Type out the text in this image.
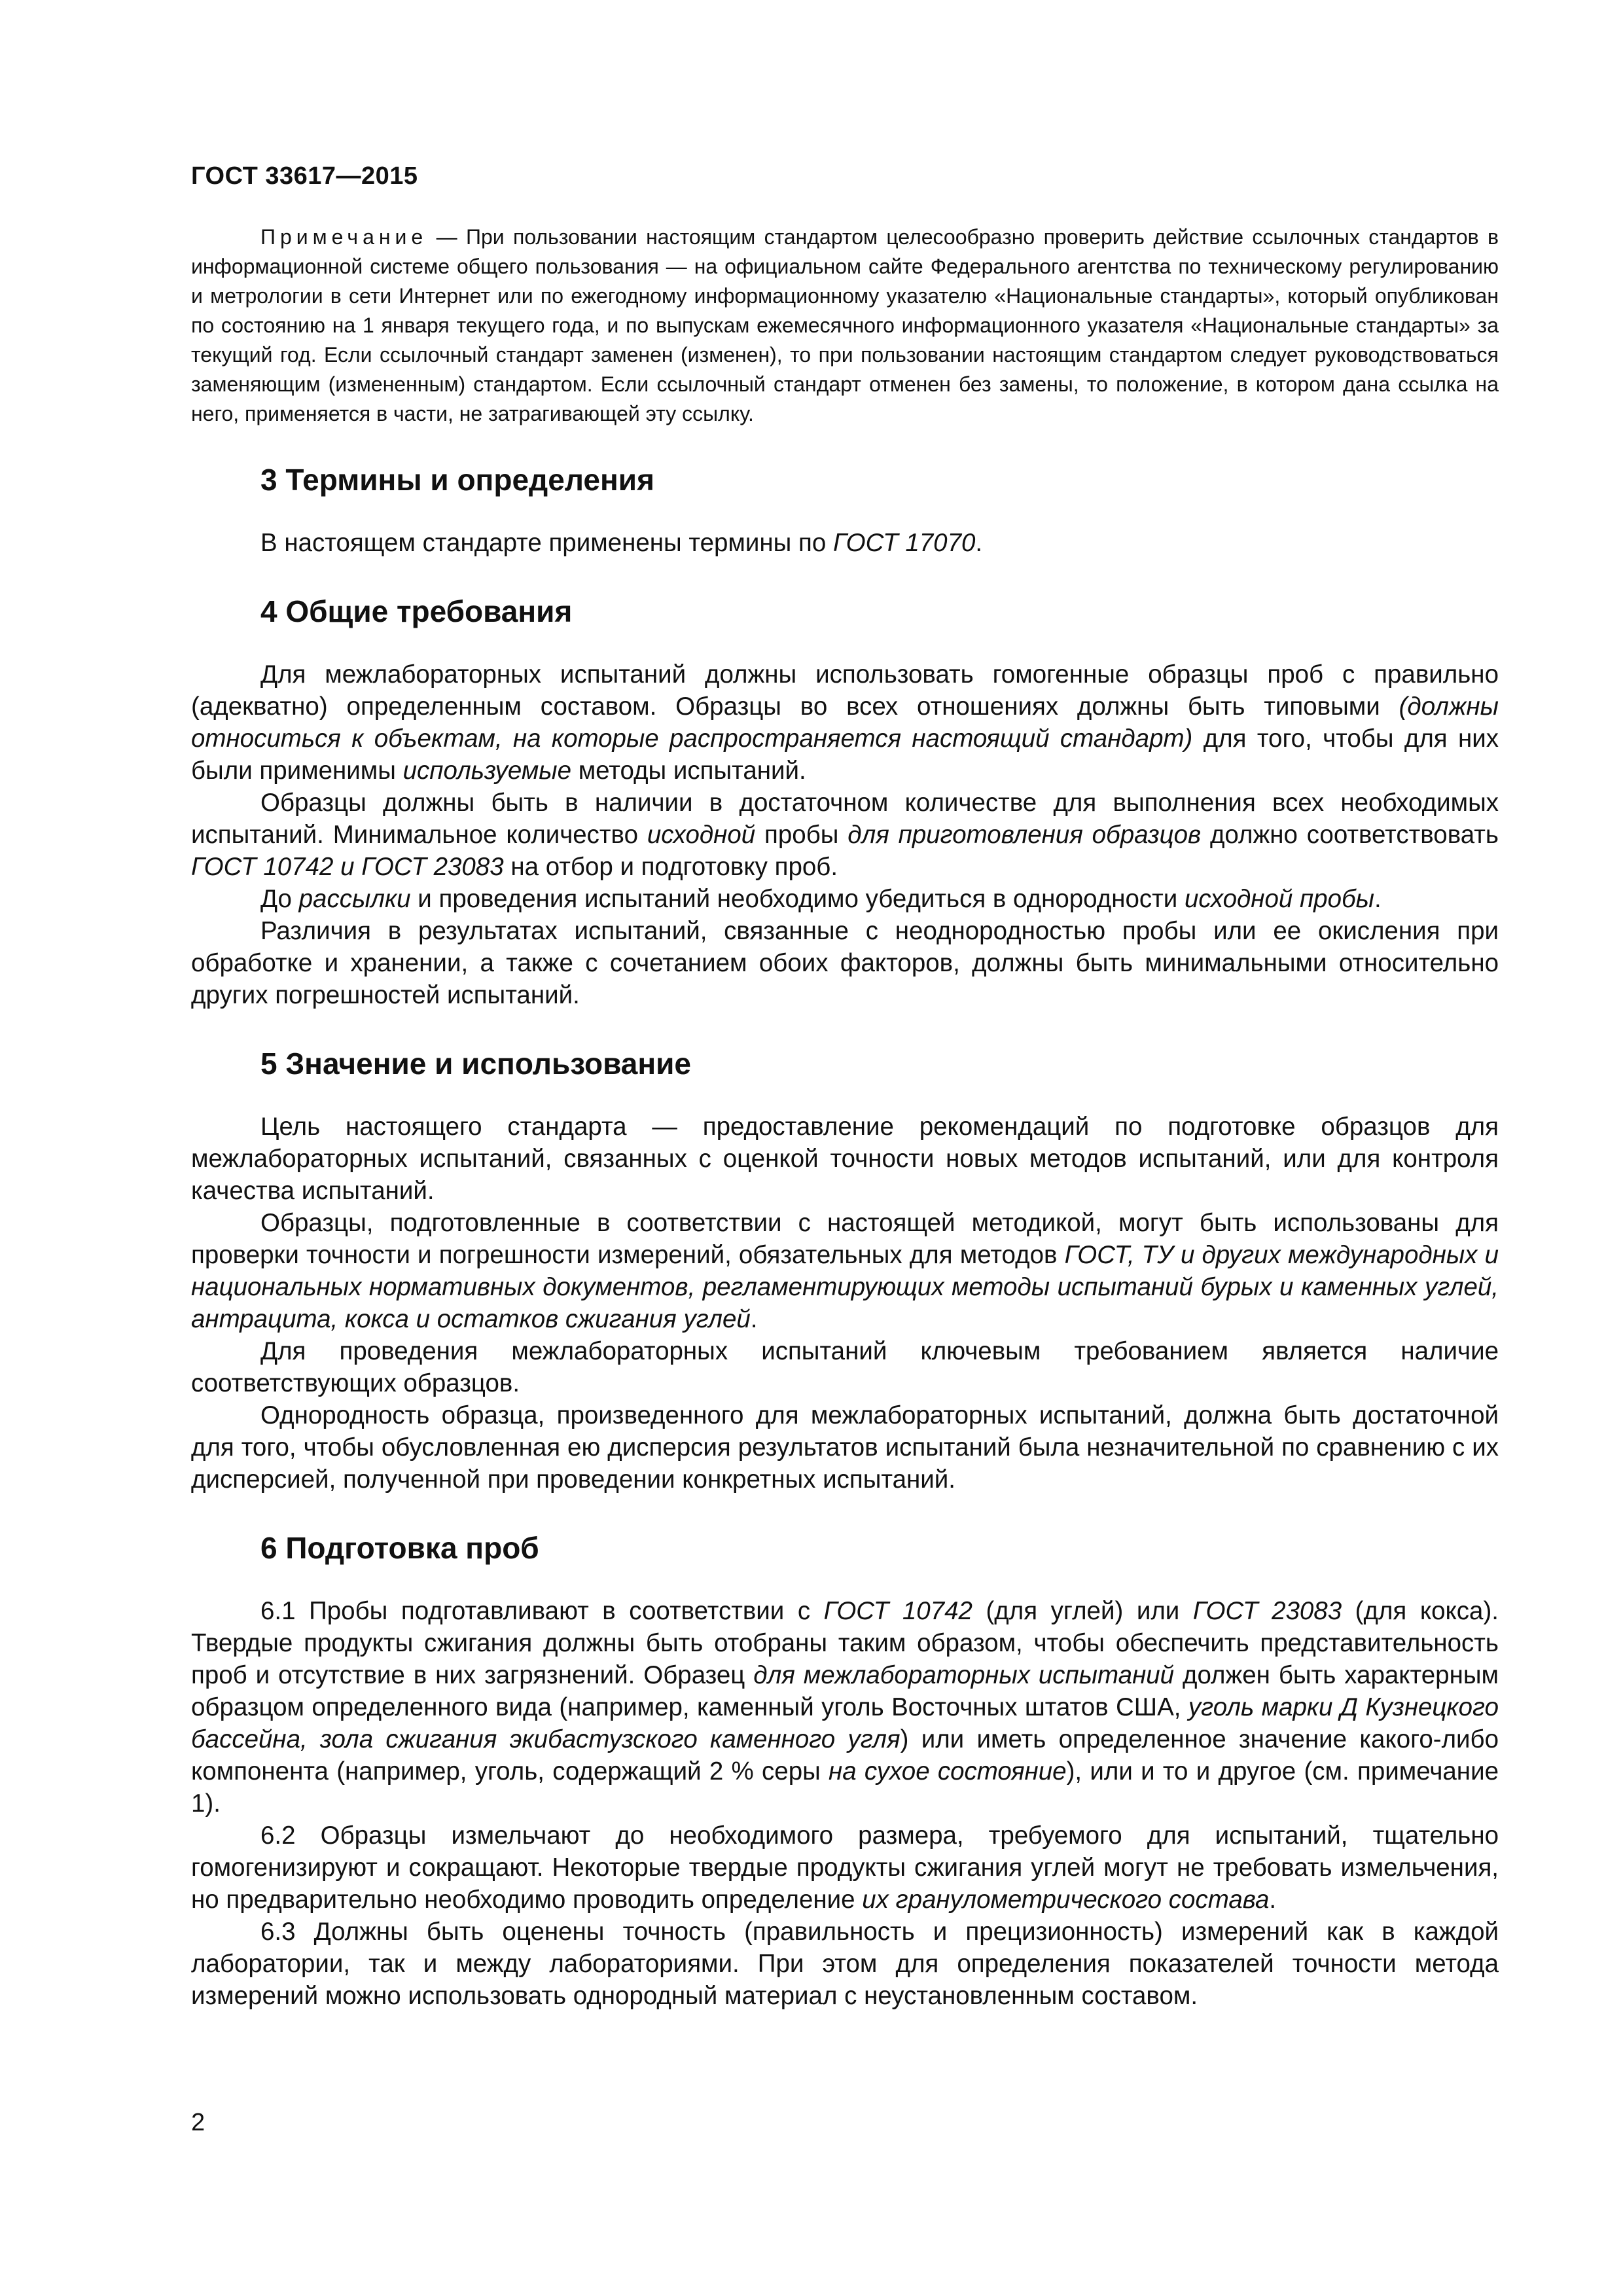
ГОСТ 33617—2015
Примечание — При пользовании настоящим стандартом целесообразно проверить действие ссылочных стандартов в информационной системе общего пользования — на официальном сайте Федерального агентства по техническому регулированию и метрологии в сети Интернет или по ежегодному информационному указателю «Национальные стандарты», который опубликован по состоянию на 1 января текущего года, и по выпускам ежемесячного информационного указателя «Национальные стандарты» за текущий год. Если ссылочный стандарт заменен (изменен), то при пользовании настоящим стандартом следует руководствоваться заменяющим (измененным) стандартом. Если ссылочный стандарт отменен без замены, то положение, в котором дана ссылка на него, применяется в части, не затрагивающей эту ссылку.
3 Термины и определения

В настоящем стандарте применены термины по ГОСТ 17070.

4 Общие требования

Для межлабораторных испытаний должны использовать гомогенные образцы проб с правильно (адекватно) определенным составом. Образцы во всех отношениях должны быть типовыми (должны относиться к объектам, на которые распространяется настоящий стандарт) для того, чтобы для них были применимы используемые методы испытаний.

Образцы должны быть в наличии в достаточном количестве для выполнения всех необходимых испытаний. Минимальное количество исходной пробы для приготовления образцов должно соответствовать ГОСТ 10742 и ГОСТ 23083 на отбор и подготовку проб.

До рассылки и проведения испытаний необходимо убедиться в однородности исходной пробы.

Различия в результатах испытаний, связанные с неоднородностью пробы или ее окисления при обработке и хранении, а также с сочетанием обоих факторов, должны быть минимальными относительно других погрешностей испытаний.

5 Значение и использование

Цель настоящего стандарта — предоставление рекомендаций по подготовке образцов для межлабораторных испытаний, связанных с оценкой точности новых методов испытаний, или для контроля качества испытаний.

Образцы, подготовленные в соответствии с настоящей методикой, могут быть использованы для проверки точности и погрешности измерений, обязательных для методов ГОСТ, ТУ и других международных и национальных нормативных документов, регламентирующих методы испытаний бурых и каменных углей, антрацита, кокса и остатков сжигания углей.

Для проведения межлабораторных испытаний ключевым требованием является наличие соответствующих образцов.

Однородность образца, произведенного для межлабораторных испытаний, должна быть достаточной для того, чтобы обусловленная ею дисперсия результатов испытаний была незначительной по сравнению с их дисперсией, полученной при проведении конкретных испытаний.

6 Подготовка проб

6.1 Пробы подготавливают в соответствии с ГОСТ 10742 (для углей) или ГОСТ 23083 (для кокса). Твердые продукты сжигания должны быть отобраны таким образом, чтобы обеспечить представительность проб и отсутствие в них загрязнений. Образец для межлабораторных испытаний должен быть характерным образцом определенного вида (например, каменный уголь Восточных штатов США, уголь марки Д Кузнецкого бассейна, зола сжигания экибастузского каменного угля) или иметь определенное значение какого-либо компонента (например, уголь, содержащий 2 % серы на сухое состояние), или и то и другое (см. примечание 1).

6.2 Образцы измельчают до необходимого размера, требуемого для испытаний, тщательно гомогенизируют и сокращают. Некоторые твердые продукты сжигания углей могут не требовать измельчения, но предварительно необходимо проводить определение их гранулометрического состава.

6.3 Должны быть оценены точность (правильность и прецизионность) измерений как в каждой лаборатории, так и между лабораториями. При этом для определения показателей точности метода измерений можно использовать однородный материал с неустановленным составом.

2
